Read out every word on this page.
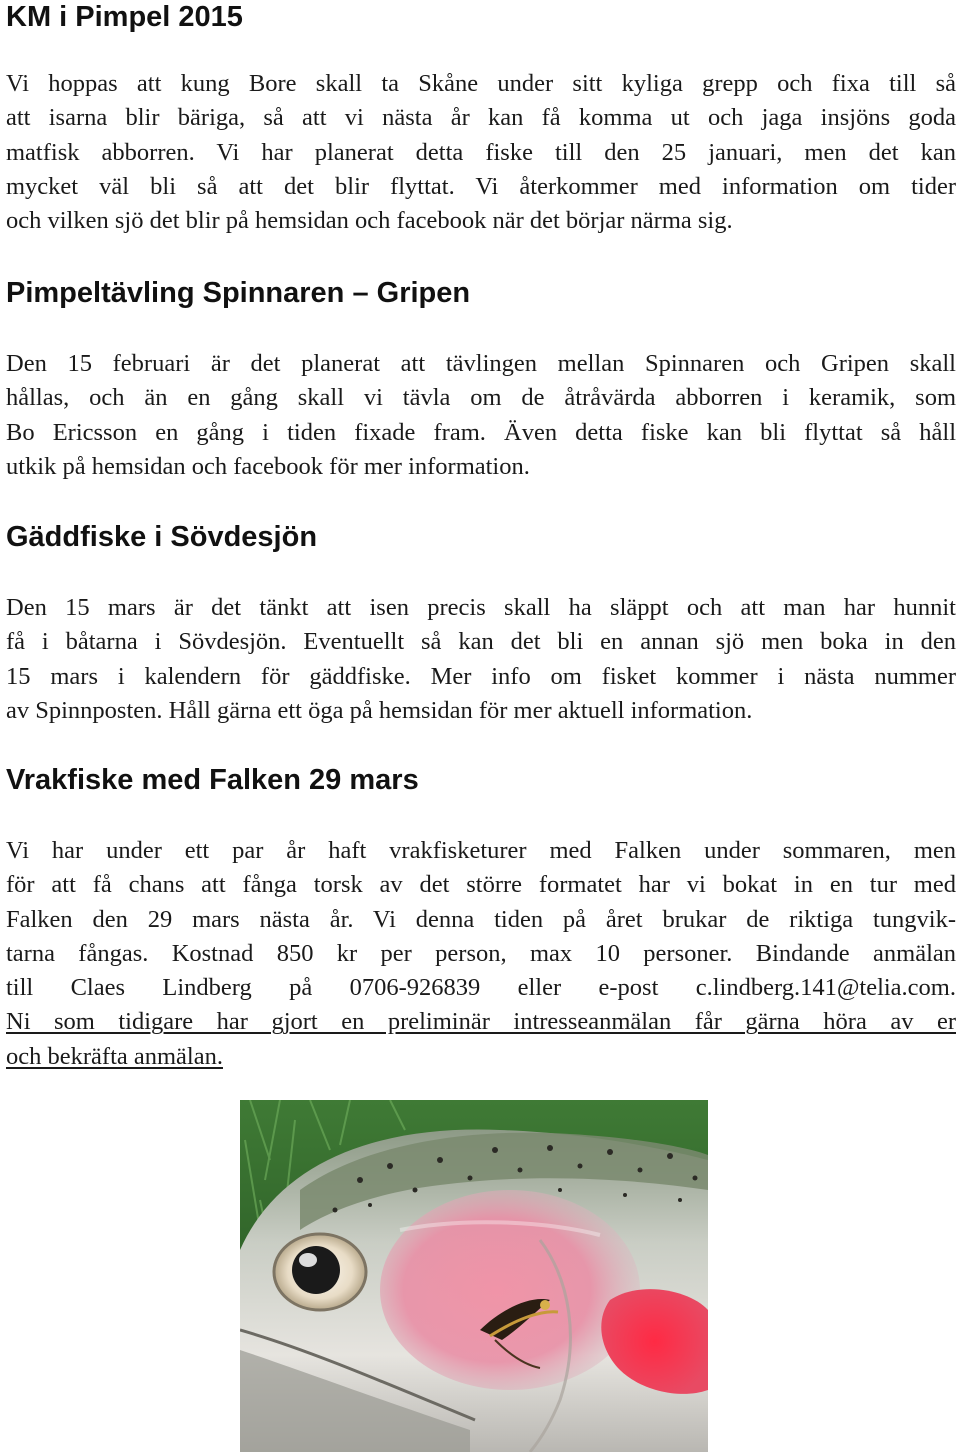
KM i Pimpel 2015
Vi hoppas att kung Bore skall ta Skåne under sitt kyliga grepp och fixa till så
att isarna blir bäriga, så att vi nästa år kan få komma ut och jaga insjöns goda
matfisk abborren. Vi har planerat detta fiske till den 25 januari, men det kan
mycket väl bli så att det blir flyttat. Vi återkommer med information om tider
och vilken sjö det blir på hemsidan och facebook när det börjar närma sig.
Pimpeltävling Spinnaren – Gripen
Den 15 februari är det planerat att tävlingen mellan Spinnaren och Gripen skall
hållas, och än en gång skall vi tävla om de åtråvärda abborren i keramik, som
Bo Ericsson en gång i tiden fixade fram. Även detta fiske kan bli flyttat så håll
utkik på hemsidan och facebook för mer information.
Gäddfiske i Sövdesjön
Den 15 mars är det tänkt att isen precis skall ha släppt och att man har hunnit
få i båtarna i Sövdesjön. Eventuellt så kan det bli en annan sjö men boka in den
15 mars i kalendern för gäddfiske. Mer info om fisket kommer i nästa nummer
av Spinnposten. Håll gärna ett öga på hemsidan för mer aktuell information.
Vrakfiske med Falken 29 mars
Vi har under ett par år haft vrakfisketurer med Falken under sommaren, men
för att få chans att fånga torsk av det större formatet har vi bokat in en tur med
Falken den 29 mars nästa år. Vi denna tiden på året brukar de riktiga tungvik-
tarna fångas. Kostnad 850 kr per person, max 10 personer. Bindande anmälan
till Claes Lindberg på 0706-926839 eller e-post c.lindberg.141@telia.com.
Ni som tidigare har gjort en preliminär intresseanmälan får gärna höra av er
och bekräfta anmälan.
